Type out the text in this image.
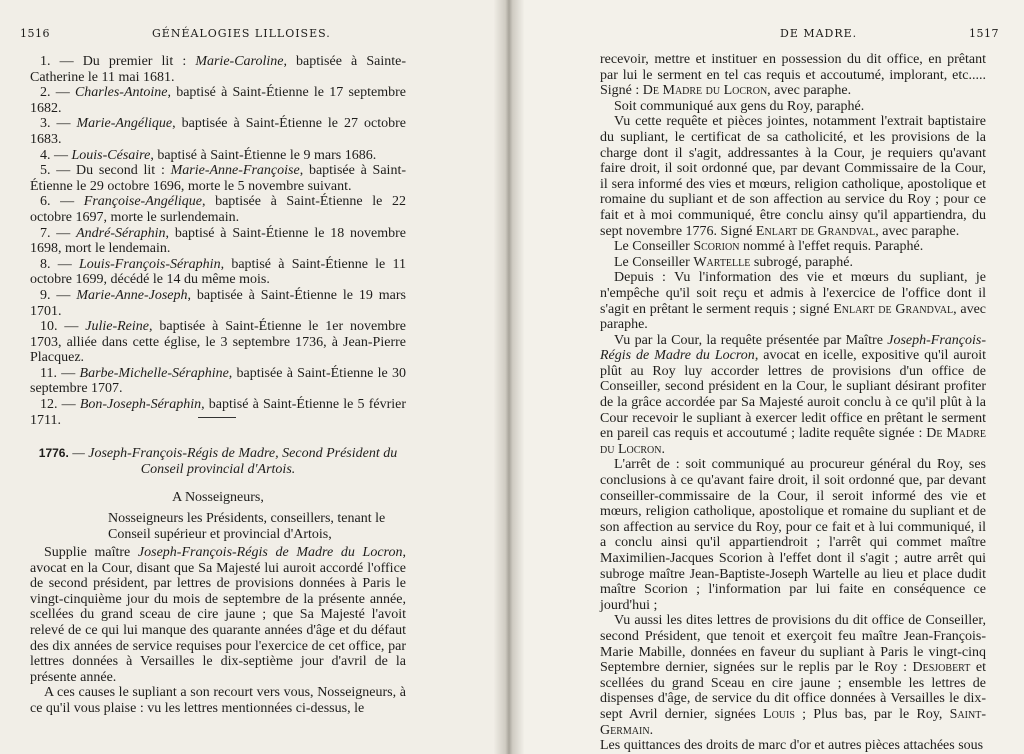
1516	GÉNÉALOGIES LILLOISES.

1. — Du premier lit : Marie-Caroline, baptisée à Sainte-Catherine le 11 mai 1681.

2. — Charles-Antoine, baptisé à Saint-Étienne le 17 septembre 1682.

3. — Marie-Angélique, baptisée à Saint-Étienne le 27 octobre 1683.

4. — Louis-Césaire, baptisé à Saint-Étienne le 9 mars 1686.

5. — Du second lit : Marie-Anne-Françoise, baptisée à Saint-Étienne le 29 octobre 1696, morte le 5 novembre suivant.

6. — Françoise-Angélique, baptisée à Saint-Étienne le 22 octobre 1697, morte le surlendemain.

7. — André-Séraphin, baptisé à Saint-Étienne le 18 novembre 1698, mort le lendemain.

8. — Louis-François-Séraphin, baptisé à Saint-Étienne le 11 octobre 1699, décédé le 14 du même mois.

9. — Marie-Anne-Joseph, baptisée à Saint-Étienne le 19 mars 1701.

10. — Julie-Reine, baptisée à Saint-Étienne le 1er novembre 1703, alliée dans cette église, le 3 septembre 1736, à Jean-Pierre Placquez.

11. — Barbe-Michelle-Séraphine, baptisée à Saint-Étienne le 30 septembre 1707.

12. — Bon-Joseph-Séraphin, baptisé à Saint-Étienne le 5 février 1711.

1776. — Joseph-François-Régis de Madre, Second Président du Conseil provincial d'Artois.
A Nosseigneurs,
Nosseigneurs les Présidents, conseillers, tenant le Conseil supérieur et provincial d'Artois,

Supplie maître Joseph-François-Régis de Madre du Locron, avocat en la Cour, disant que Sa Majesté lui auroit accordé l'office de second président, par lettres de provisions données à Paris le vingt-cinquième jour du mois de septembre de la présente année, scellées du grand sceau de cire jaune ; que Sa Majesté l'avoit relevé de ce qui lui manque des quarante années d'âge et du défaut des dix années de service requises pour l'exercice de cet office, par lettres données à Versailles le dix-septième jour d'avril de la présente année.

A ces causes le supliant a son recourt vers vous, Nosseigneurs, à ce qu'il vous plaise : vu les lettres mentionnées ci-dessus, le

DE MADRE.	1517

recevoir, mettre et instituer en possession du dit office, en prêtant par lui le serment en tel cas requis et accoutumé, implorant, etc..... Signé : De Madre du Locron, avec paraphe.

Soit communiqué aux gens du Roy, paraphé.

Vu cette requête et pièces jointes, notamment l'extrait baptistaire du supliant, le certificat de sa catholicité, et les provisions de la charge dont il s'agit, addressantes à la Cour, je requiers qu'avant faire droit, il soit ordonné que, par devant Commissaire de la Cour, il sera informé des vies et mœurs, religion catholique, apostolique et romaine du supliant et de son affection au service du Roy ; pour ce fait et à moi communiqué, être conclu ainsy qu'il appartiendra, du sept novembre 1776. Signé Enlart de Grandval, avec paraphe.

Le Conseiller Scorion nommé à l'effet requis. Paraphé.

Le Conseiller Wartelle subrogé, paraphé.

Depuis : Vu l'information des vie et mœurs du supliant, je n'empêche qu'il soit reçu et admis à l'exercice de l'office dont il s'agit en prêtant le serment requis ; signé Enlart de Grandval, avec paraphe.

Vu par la Cour, la requête présentée par Maître Joseph-François-Régis de Madre du Locron, avocat en icelle, expositive qu'il auroit plût au Roy luy accorder lettres de provisions d'un office de Conseiller, second président en la Cour, le supliant désirant profiter de la grâce accordée par Sa Majesté auroit conclu à ce qu'il plût à la Cour recevoir le supliant à exercer ledit office en prêtant le serment en pareil cas requis et accoutumé ; ladite requête signée : De Madre du Locron.

L'arrêt de : soit communiqué au procureur général du Roy, ses conclusions à ce qu'avant faire droit, il soit ordonné que, par devant conseiller-commissaire de la Cour, il seroit informé des vie et mœurs, religion catholique, apostolique et romaine du supliant et de son affection au service du Roy, pour ce fait et à lui communiqué, il a conclu ainsi qu'il appartiendroit ; l'arrêt qui commet maître Maximilien-Jacques Scorion à l'effet dont il s'agit ; autre arrêt qui subroge maître Jean-Baptiste-Joseph Wartelle au lieu et place dudit maître Scorion ; l'information par lui faite en conséquence ce jourd'hui ;

Vu aussi les dites lettres de provisions du dit office de Conseiller, second Président, que tenoit et exerçoit feu maître Jean-François-Marie Mabille, données en faveur du supliant à Paris le vingt-cinq Septembre dernier, signées sur le replis par le Roy : Desjobert et scellées du grand Sceau en cire jaune ; ensemble les lettres de dispenses d'âge, de service du dit office données à Versailles le dix-sept Avril dernier, signées Louis ; Plus bas, par le Roy, Saint-Germain.

Les quittances des droits de marc d'or et autres pièces attachées sous
